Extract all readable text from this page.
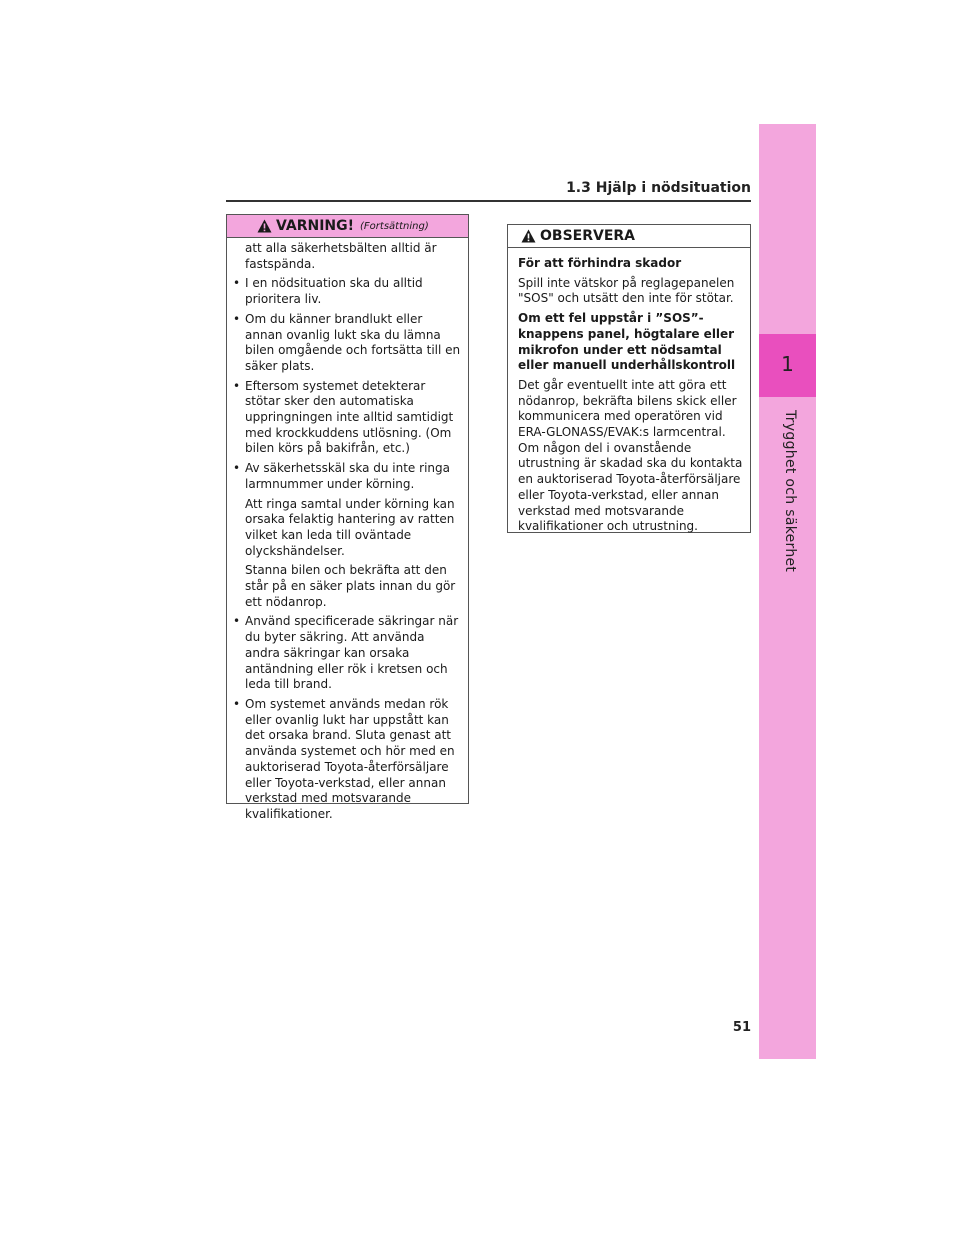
1
Trygghet och säkerhet
1.3 Hjälp i nödsituation
VARNING! (Fortsättning)

att alla säkerhetsbälten alltid är fastspända.

• I en nödsituation ska du alltid prioritera liv.
• Om du känner brandlukt eller annan ovanlig lukt ska du lämna bilen omgående och fortsätta till en säker plats.
• Eftersom systemet detekterar stötar sker den automatiska uppringningen inte alltid samtidigt med krockkuddens utlösning. (Om bilen körs på bakifrån, etc.)
• Av säkerhetsskäl ska du inte ringa larmnummer under körning.

Att ringa samtal under körning kan orsaka felaktig hantering av ratten vilket kan leda till oväntade olyckshändelser.

Stanna bilen och bekräfta att den står på en säker plats innan du gör ett nödanrop.

• Använd specificerade säkringar när du byter säkring. Att använda andra säkringar kan orsaka antändning eller rök i kretsen och leda till brand.
• Om systemet används medan rök eller ovanlig lukt har uppstått kan det orsaka brand. Sluta genast att använda systemet och hör med en auktoriserad Toyota-återförsäljare eller Toyota-verkstad, eller annan verkstad med motsvarande kvalifikationer.
OBSERVERA

För att förhindra skador

Spill inte vätskor på reglagepanelen "SOS" och utsätt den inte för stötar.

Om ett fel uppstår i ”SOS”-knappens panel, högtalare eller mikrofon under ett nödsamtal eller manuell underhållskontroll

Det går eventuellt inte att göra ett nödanrop, bekräfta bilens skick eller kommunicera med operatören vid ERA-GLONASS/EVAK:s larmcentral. Om någon del i ovanstående utrustning är skadad ska du kontakta en auktoriserad Toyota-återförsäljare eller Toyota-verkstad, eller annan verkstad med motsvarande kvalifikationer och utrustning.

51
